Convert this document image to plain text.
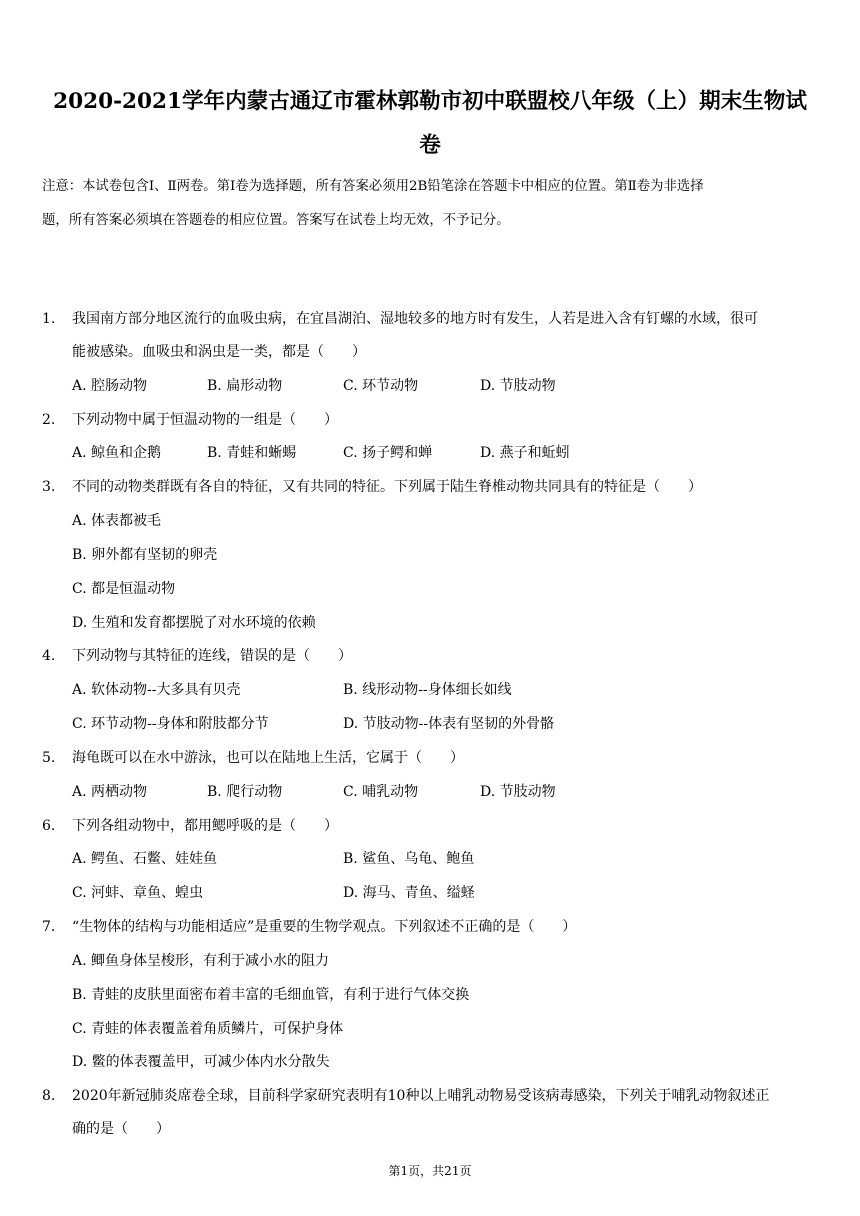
2020-2021学年内蒙古通辽市霍林郭勒市初中联盟校八年级（上）期末生物试
卷
注意：本试卷包含Ⅰ、Ⅱ两卷。第Ⅰ卷为选择题，所有答案必须用2B铅笔涂在答题卡中相应的位置。第Ⅱ卷为非选择
题，所有答案必须填在答题卷的相应位置。答案写在试卷上均无效，不予记分。
1. 我国南方部分地区流行的血吸虫病，在宜昌湖泊、湿地较多的地方时有发生，人若是进入含有钉螺的水域，很可
能被感染。血吸虫和涡虫是一类，都是（　　）
A. 腔肠动物	B. 扁形动物	C. 环节动物	D. 节肢动物
2. 下列动物中属于恒温动物的一组是（　　）
A. 鲸鱼和企鹅	B. 青蛙和蜥蜴	C. 扬子鳄和蝉	D. 燕子和蚯蚓
3. 不同的动物类群既有各自的特征，又有共同的特征。下列属于陆生脊椎动物共同具有的特征是（　　）
A. 体表都被毛
B. 卵外都有坚韧的卵壳
C. 都是恒温动物
D. 生殖和发育都摆脱了对水环境的依赖
4. 下列动物与其特征的连线，错误的是（　　）
A. 软体动物--大多具有贝壳	B. 线形动物--身体细长如线
C. 环节动物--身体和附肢都分节	D. 节肢动物--体表有坚韧的外骨骼
5. 海龟既可以在水中游泳，也可以在陆地上生活，它属于（　　）
A. 两栖动物	B. 爬行动物	C. 哺乳动物	D. 节肢动物
6. 下列各组动物中，都用鳃呼吸的是（　　）
A. 鳄鱼、石鳖、娃娃鱼	B. 鲨鱼、乌龟、鲍鱼
C. 河蚌、章鱼、蝗虫	D. 海马、青鱼、缢蛏
7. “生物体的结构与功能相适应”是重要的生物学观点。下列叙述不正确的是（　　）
A. 鲫鱼身体呈梭形，有利于减小水的阻力
B. 青蛙的皮肤里面密布着丰富的毛细血管，有利于进行气体交换
C. 青蛙的体表覆盖着角质鳞片，可保护身体
D. 鳖的体表覆盖甲，可减少体内水分散失
8. 2020年新冠肺炎席卷全球，目前科学家研究表明有10种以上哺乳动物易受该病毒感染，下列关于哺乳动物叙述正
确的是（　　）
第1页，共21页
